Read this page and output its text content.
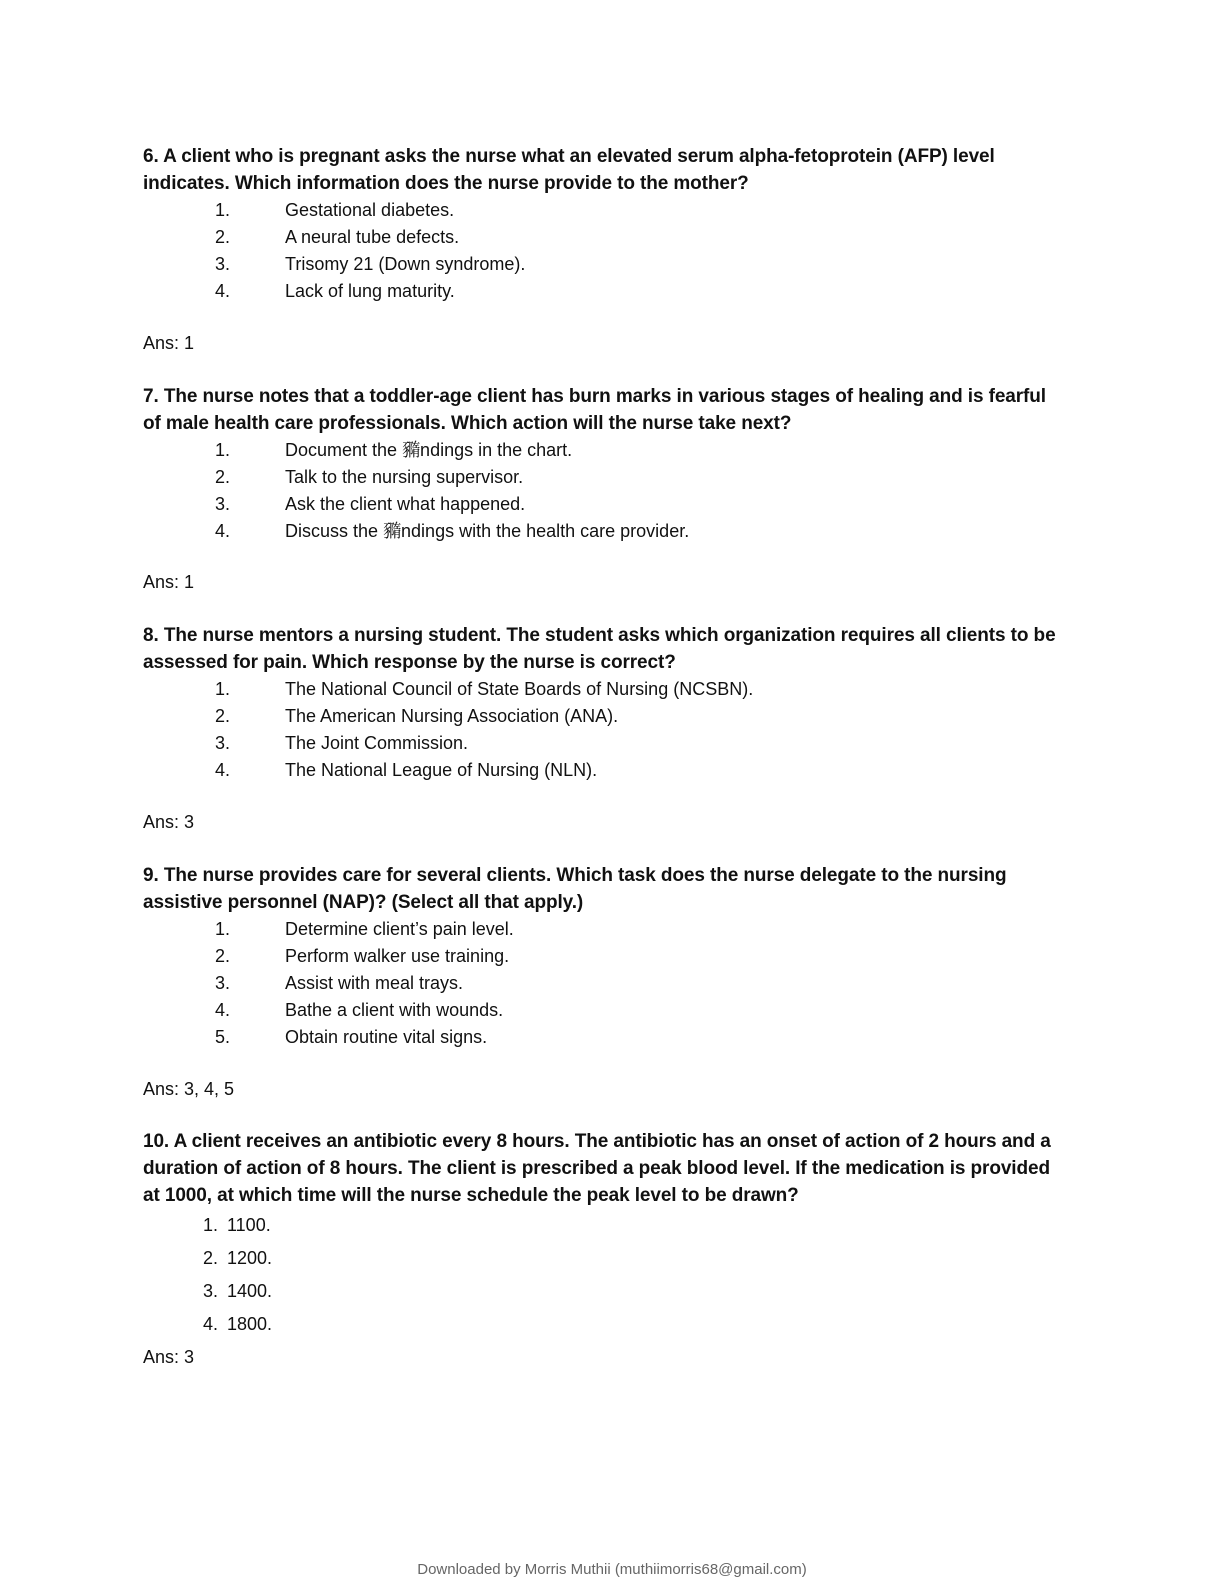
6. A client who is pregnant asks the nurse what an elevated serum alpha-fetoprotein (AFP) level
indicates. Which information does the nurse provide to the mother?

1.	Gestational diabetes.
2.	A neural tube defects.
3.	Trisomy 21 (Down syndrome).
4.	Lack of lung maturity.
Ans: 1

7. The nurse notes that a toddler-age client has burn marks in various stages of healing and is fearful
of male health care professionals. Which action will the nurse take next?

1.	Document the 䝐ndings in the chart.
2.	Talk to the nursing supervisor.
3.	Ask the client what happened.
4.	Discuss the 䝐ndings with the health care provider.
Ans: 1

8. The nurse mentors a nursing student. The student asks which organization requires all clients to be
assessed for pain. Which response by the nurse is correct?

1.	The National Council of State Boards of Nursing (NCSBN).
2.	The American Nursing Association (ANA).
3.	The Joint Commission.
4.	The National League of Nursing (NLN).
Ans: 3

9. The nurse provides care for several clients. Which task does the nurse delegate to the nursing
assistive personnel (NAP)? (Select all that apply.)

1.	Determine client’s pain level.
2.	Perform walker use training.
3.	Assist with meal trays.
4.	Bathe a client with wounds.
5.	Obtain routine vital signs.
Ans: 3, 4, 5

10. A client receives an antibiotic every 8 hours. The antibiotic has an onset of action of 2 hours and a
duration of action of 8 hours. The client is prescribed a peak blood level. If the medication is provided
at 1000, at which time will the nurse schedule the peak level to be drawn?

1. 1100.
2. 1200.
3. 1400.
4. 1800.
Ans: 3
Downloaded by Morris Muthii (muthiimorris68@gmail.com)
